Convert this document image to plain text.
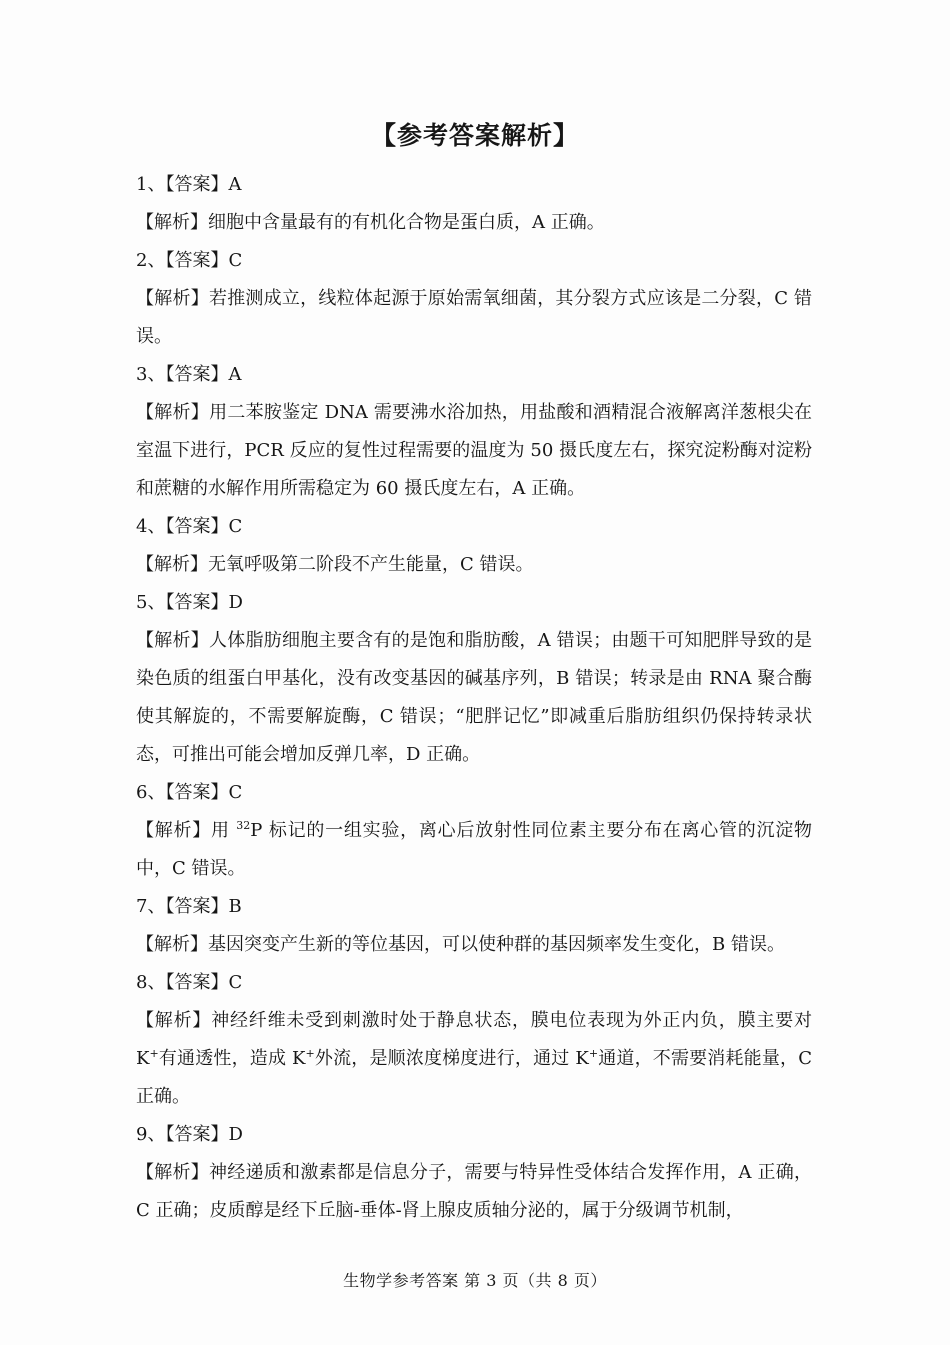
【参考答案解析】

1、【答案】A

【解析】细胞中含量最有的有机化合物是蛋白质，A 正确。

2、【答案】C

【解析】若推测成立，线粒体起源于原始需氧细菌，其分裂方式应该是二分裂，C 错误。

3、【答案】A

【解析】用二苯胺鉴定 DNA 需要沸水浴加热，用盐酸和酒精混合液解离洋葱根尖在室温下进行，PCR 反应的复性过程需要的温度为 50 摄氏度左右，探究淀粉酶对淀粉和蔗糖的水解作用所需稳定为 60 摄氏度左右，A 正确。

4、【答案】C

【解析】无氧呼吸第二阶段不产生能量，C 错误。

5、【答案】D

【解析】人体脂肪细胞主要含有的是饱和脂肪酸，A 错误；由题干可知肥胖导致的是染色质的组蛋白甲基化，没有改变基因的碱基序列，B 错误；转录是由 RNA 聚合酶使其解旋的，不需要解旋酶，C 错误；“肥胖记忆”即减重后脂肪组织仍保持转录状态，可推出可能会增加反弹几率，D 正确。

6、【答案】C

【解析】用 $^{32}$P 标记的一组实验，离心后放射性同位素主要分布在离心管的沉淀物中，C 错误。

7、【答案】B

【解析】基因突变产生新的等位基因，可以使种群的基因频率发生变化，B 错误。

8、【答案】C

【解析】神经纤维未受到刺激时处于静息状态，膜电位表现为外正内负，膜主要对 K+有通透性，造成 K+外流，是顺浓度梯度进行，通过 K+通道，不需要消耗能量，C 正确。

9、【答案】D

【解析】神经递质和激素都是信息分子，需要与特异性受体结合发挥作用，A 正确，C 正确；皮质醇是经下丘脑-垂体-肾上腺皮质轴分泌的，属于分级调节机制，

生物学参考答案 第 3 页（共 8 页）
